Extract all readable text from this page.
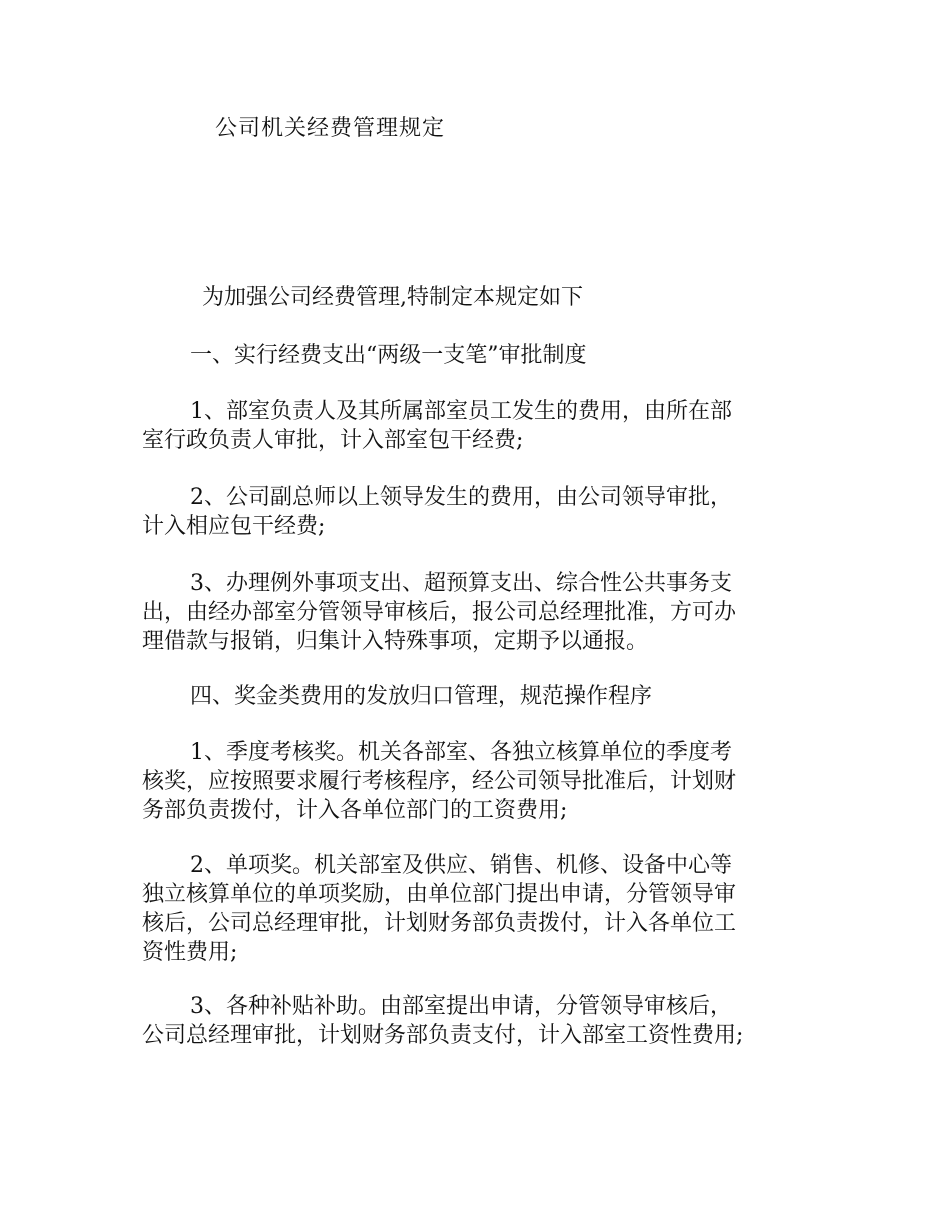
公司机关经费管理规定
为加强公司经费管理,特制定本规定如下
一、实行经费支出“两级一支笔”审批制度
1、部室负责人及其所属部室员工发生的费用，由所在部
室行政负责人审批，计入部室包干经费;
2、公司副总师以上领导发生的费用，由公司领导审批，
计入相应包干经费;
3、办理例外事项支出、超预算支出、综合性公共事务支
出，由经办部室分管领导审核后，报公司总经理批准，方可办
理借款与报销，归集计入特殊事项，定期予以通报。
四、奖金类费用的发放归口管理，规范操作程序
1、季度考核奖。机关各部室、各独立核算单位的季度考
核奖，应按照要求履行考核程序，经公司领导批准后，计划财
务部负责拨付，计入各单位部门的工资费用;
2、单项奖。机关部室及供应、销售、机修、设备中心等
独立核算单位的单项奖励，由单位部门提出申请，分管领导审
核后，公司总经理审批，计划财务部负责拨付，计入各单位工
资性费用;
3、各种补贴补助。由部室提出申请，分管领导审核后，
公司总经理审批，计划财务部负责支付，计入部室工资性费用;
